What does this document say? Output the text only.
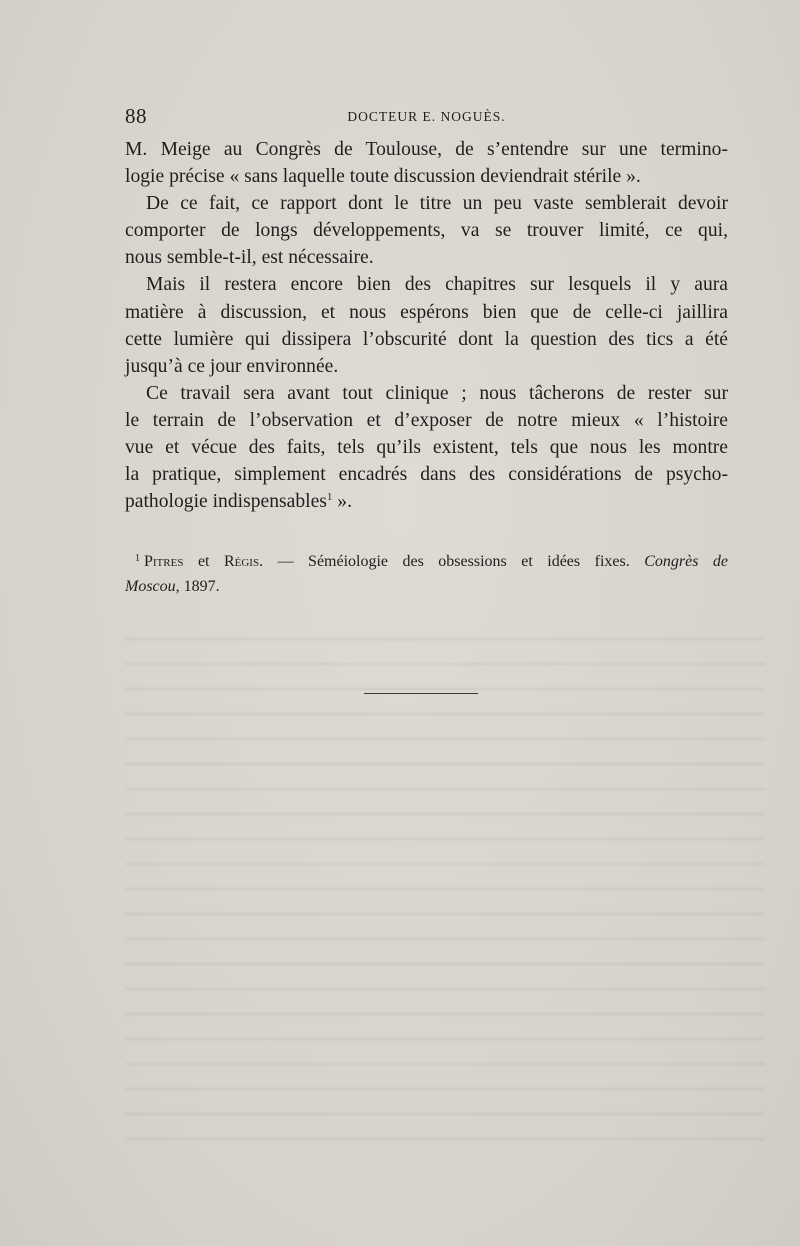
88	DOCTEUR E. NOGUÈS.

M. Meige au Congrès de Toulouse, de s’entendre sur une termino-
logie précise « sans laquelle toute discussion deviendrait stérile ».

De ce fait, ce rapport dont le titre un peu vaste semblerait devoir
comporter de longs développements, va se trouver limité, ce qui,
nous semble-t-il, est nécessaire.

Mais il restera encore bien des chapitres sur lesquels il y aura
matière à discussion, et nous espérons bien que de celle-ci jaillira
cette lumière qui dissipera l’obscurité dont la question des tics a été
jusqu’à ce jour environnée.

Ce travail sera avant tout clinique ; nous tâcherons de rester sur
le terrain de l’observation et d’exposer de notre mieux « l’histoire
vue et vécue des faits, tels qu’ils existent, tels que nous les montre
la pratique, simplement encadrés dans des considérations de psycho-
pathologie indispensables$^1$ ».

$^1$ Pitres et Régis. — Séméiologie des obsessions et idées fixes. Congrès de
Moscou, 1897.
